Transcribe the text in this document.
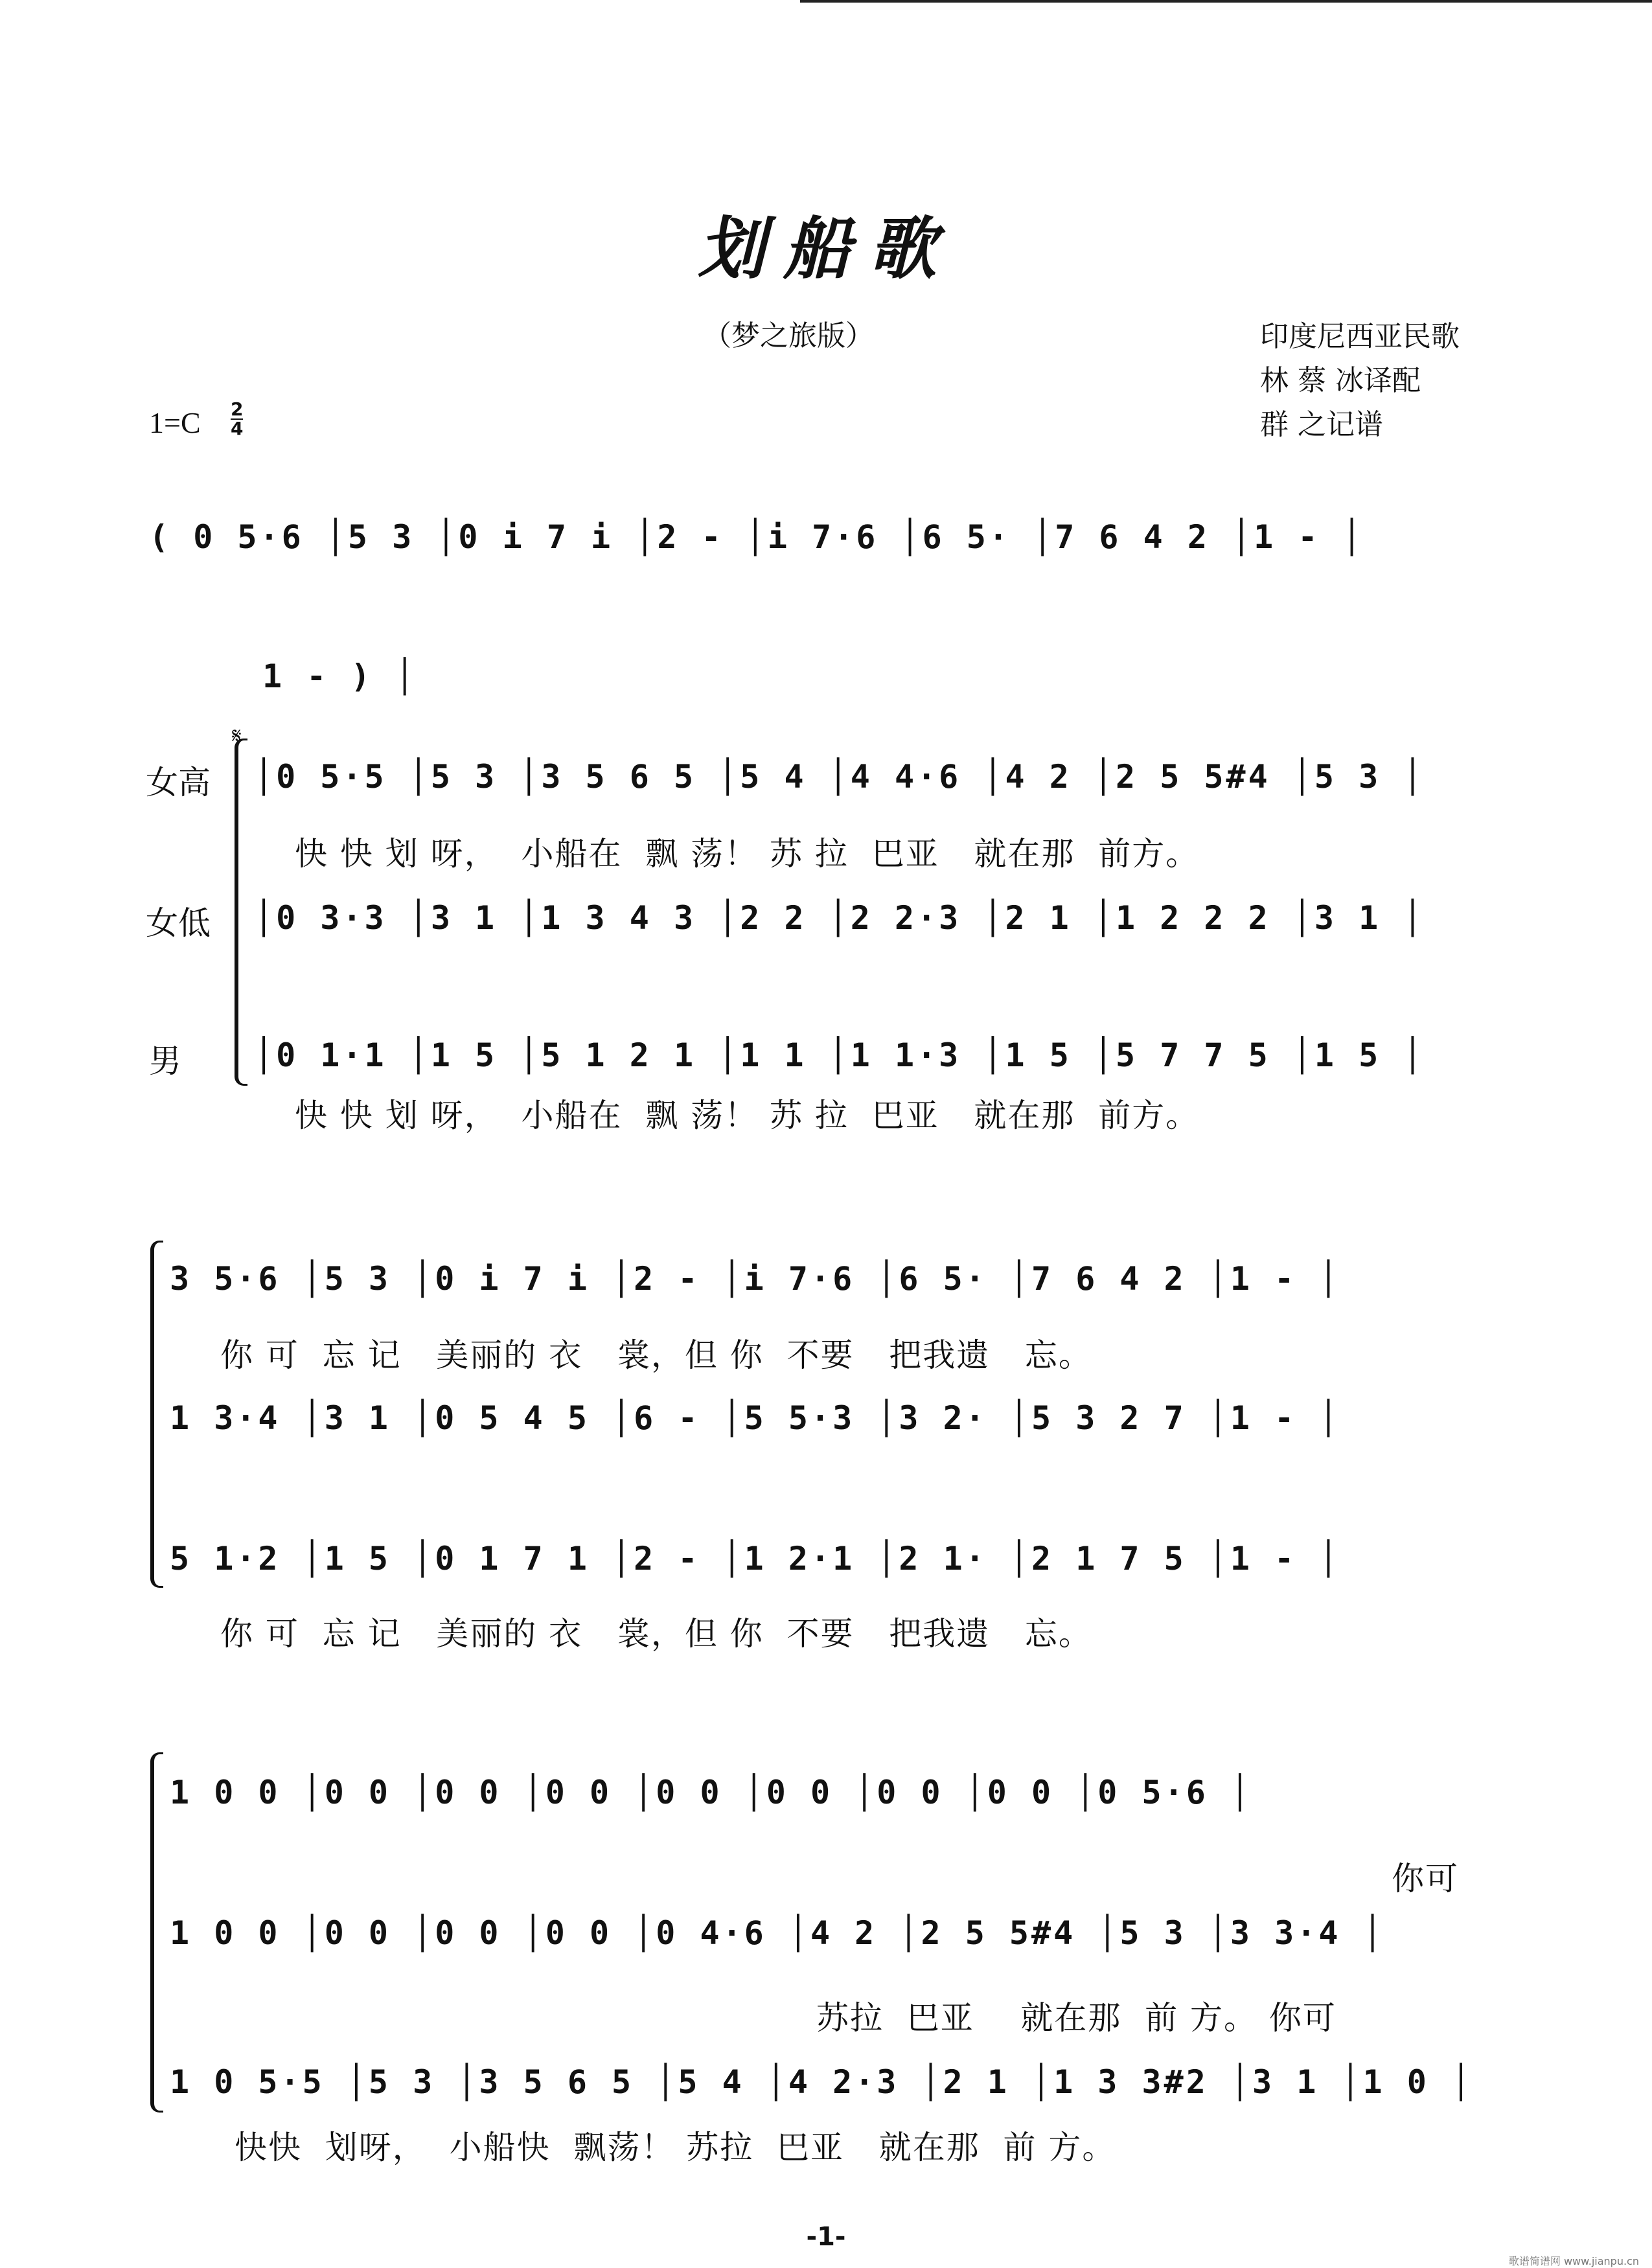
划船歌
（梦之旅版）	印度尼西亚民歌
林 蔡 冰译配
群 之记谱
1=C 2
4
( 0 5·6 │5 3 │0 i 7 i │2 - │i 7·6 │6 5· │7 6 4 2 │1 - │
1 - ) │
𝄋
女高
女低
男
│0 5·5 │5 3 │3 5 6 5 │5 4 │4 4·6 │4 2 │2 5 5#4 │5 3 │
快 快 划 呀，  小船在  飘 荡！ 苏 拉  巴亚   就在那  前方。
│0 3·3 │3 1 │1 3 4 3 │2 2 │2 2·3 │2 1 │1 2 2 2 │3 1 │
│0 1·1 │1 5 │5 1 2 1 │1 1 │1 1·3 │1 5 │5 7 7 5 │1 5 │
快 快 划 呀，  小船在  飘 荡！ 苏 拉  巴亚   就在那  前方。
3 5·6 │5 3 │0 i 7 i │2 - │i 7·6 │6 5· │7 6 4 2 │1 - │
你 可  忘 记   美丽的 衣   裳，但 你  不要   把我遗   忘。
1 3·4 │3 1 │0 5 4 5 │6 - │5 5·3 │3 2· │5 3 2 7 │1 - │
5 1·2 │1 5 │0 1 7 1 │2 - │1 2·1 │2 1· │2 1 7 5 │1 - │
你 可  忘 记   美丽的 衣   裳，但 你  不要   把我遗   忘。
1 0 0 │0 0 │0 0 │0 0 │0 0 │0 0 │0 0 │0 0 │0 5·6 │
你可
1 0 0 │0 0 │0 0 │0 0 │0 4·6 │4 2 │2 5 5#4 │5 3 │3 3·4 │
苏拉  巴亚    就在那  前 方。 你可
1 0 5·5 │5 3 │3 5 6 5 │5 4 │4 2·3 │2 1 │1 3 3#2 │3 1 │1 0 │
快快  划呀，  小船快  飘荡！ 苏拉  巴亚   就在那  前 方。
-1-
歌谱简谱网 www.jianpu.cn
